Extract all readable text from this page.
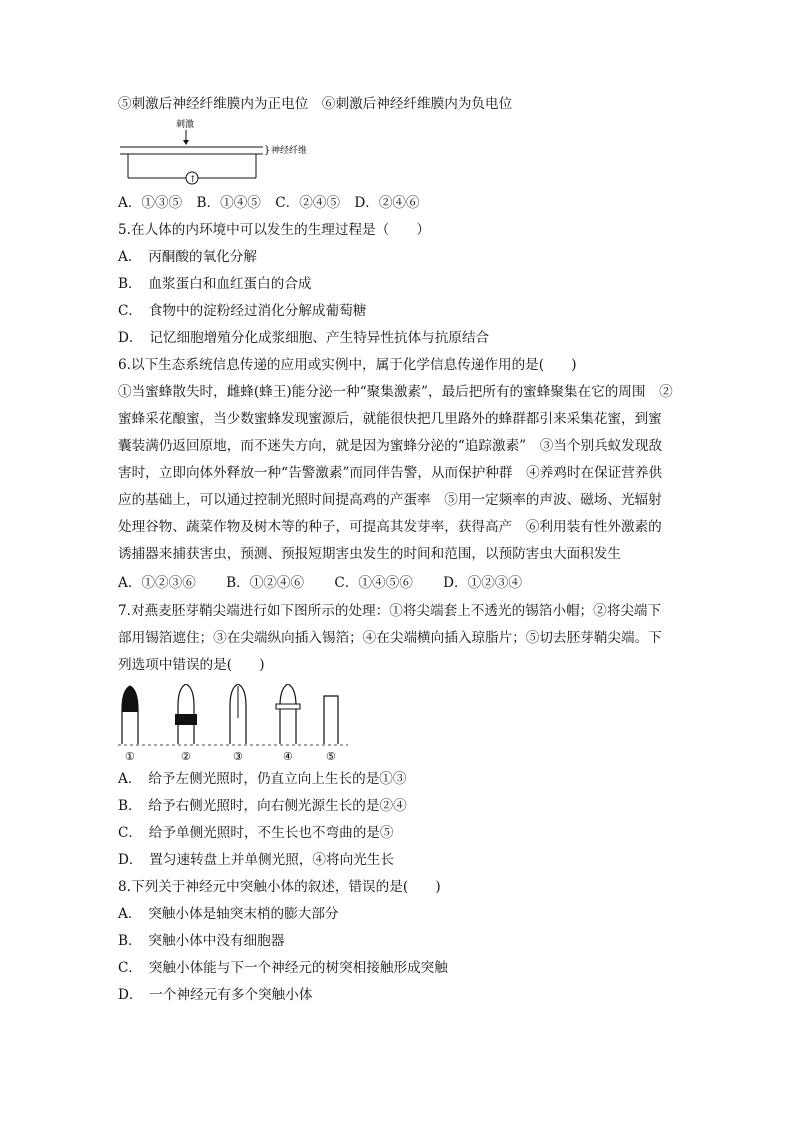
⑤刺激后神经纤维膜内为正电位　⑥刺激后神经纤维膜内为负电位
刺激
} 神经纤维
↑
A．①③⑤ B．①④⑤ C．②④⑤ D．②④⑥
5.在人体的内环境中可以发生的生理过程是（　　）
A．　丙酮酸的氧化分解
B．　血浆蛋白和血红蛋白的合成
C．　食物中的淀粉经过消化分解成葡萄糖
D．　记忆细胞增殖分化成浆细胞、产生特异性抗体与抗原结合
6.以下生态系统信息传递的应用或实例中，属于化学信息传递作用的是(　　)
①当蜜蜂散失时，雌蜂(蜂王)能分泌一种“聚集激素”，最后把所有的蜜蜂聚集在它的周围　②
蜜蜂采花酿蜜，当少数蜜蜂发现蜜源后，就能很快把几里路外的蜂群都引来采集花蜜，到蜜
囊装满仍返回原地，而不迷失方向，就是因为蜜蜂分泌的“追踪激素”　③当个别兵蚁发现敌
害时，立即向体外释放一种“告警激素”而同伴告警，从而保护种群　④养鸡时在保证营养供
应的基础上，可以通过控制光照时间提高鸡的产蛋率　⑤用一定频率的声波、磁场、光辐射
处理谷物、蔬菜作物及树木等的种子，可提高其发芽率，获得高产　⑥利用装有性外激素的
诱捕器来捕获害虫，预测、预报短期害虫发生的时间和范围，以预防害虫大面积发生
A．①②③⑥ B．①②④⑥ C．①④⑤⑥ D．①②③④
7.对燕麦胚芽鞘尖端进行如下图所示的处理：①将尖端套上不透光的锡箔小帽；②将尖端下
部用锡箔遮住；③在尖端纵向插入锡箔；④在尖端横向插入琼脂片；⑤切去胚芽鞘尖端。下
列选项中错误的是(　　)
①	②	③	④	⑤
A．　给予左侧光照时，仍直立向上生长的是①③
B．　给予右侧光照时，向右侧光源生长的是②④
C．　给予单侧光照时，不生长也不弯曲的是⑤
D．　置匀速转盘上并单侧光照，④将向光生长
8.下列关于神经元中突触小体的叙述，错误的是(　　)
A．　突触小体是轴突末梢的膨大部分
B．　突触小体中没有细胞器
C．　突触小体能与下一个神经元的树突相接触形成突触
D．　一个神经元有多个突触小体
